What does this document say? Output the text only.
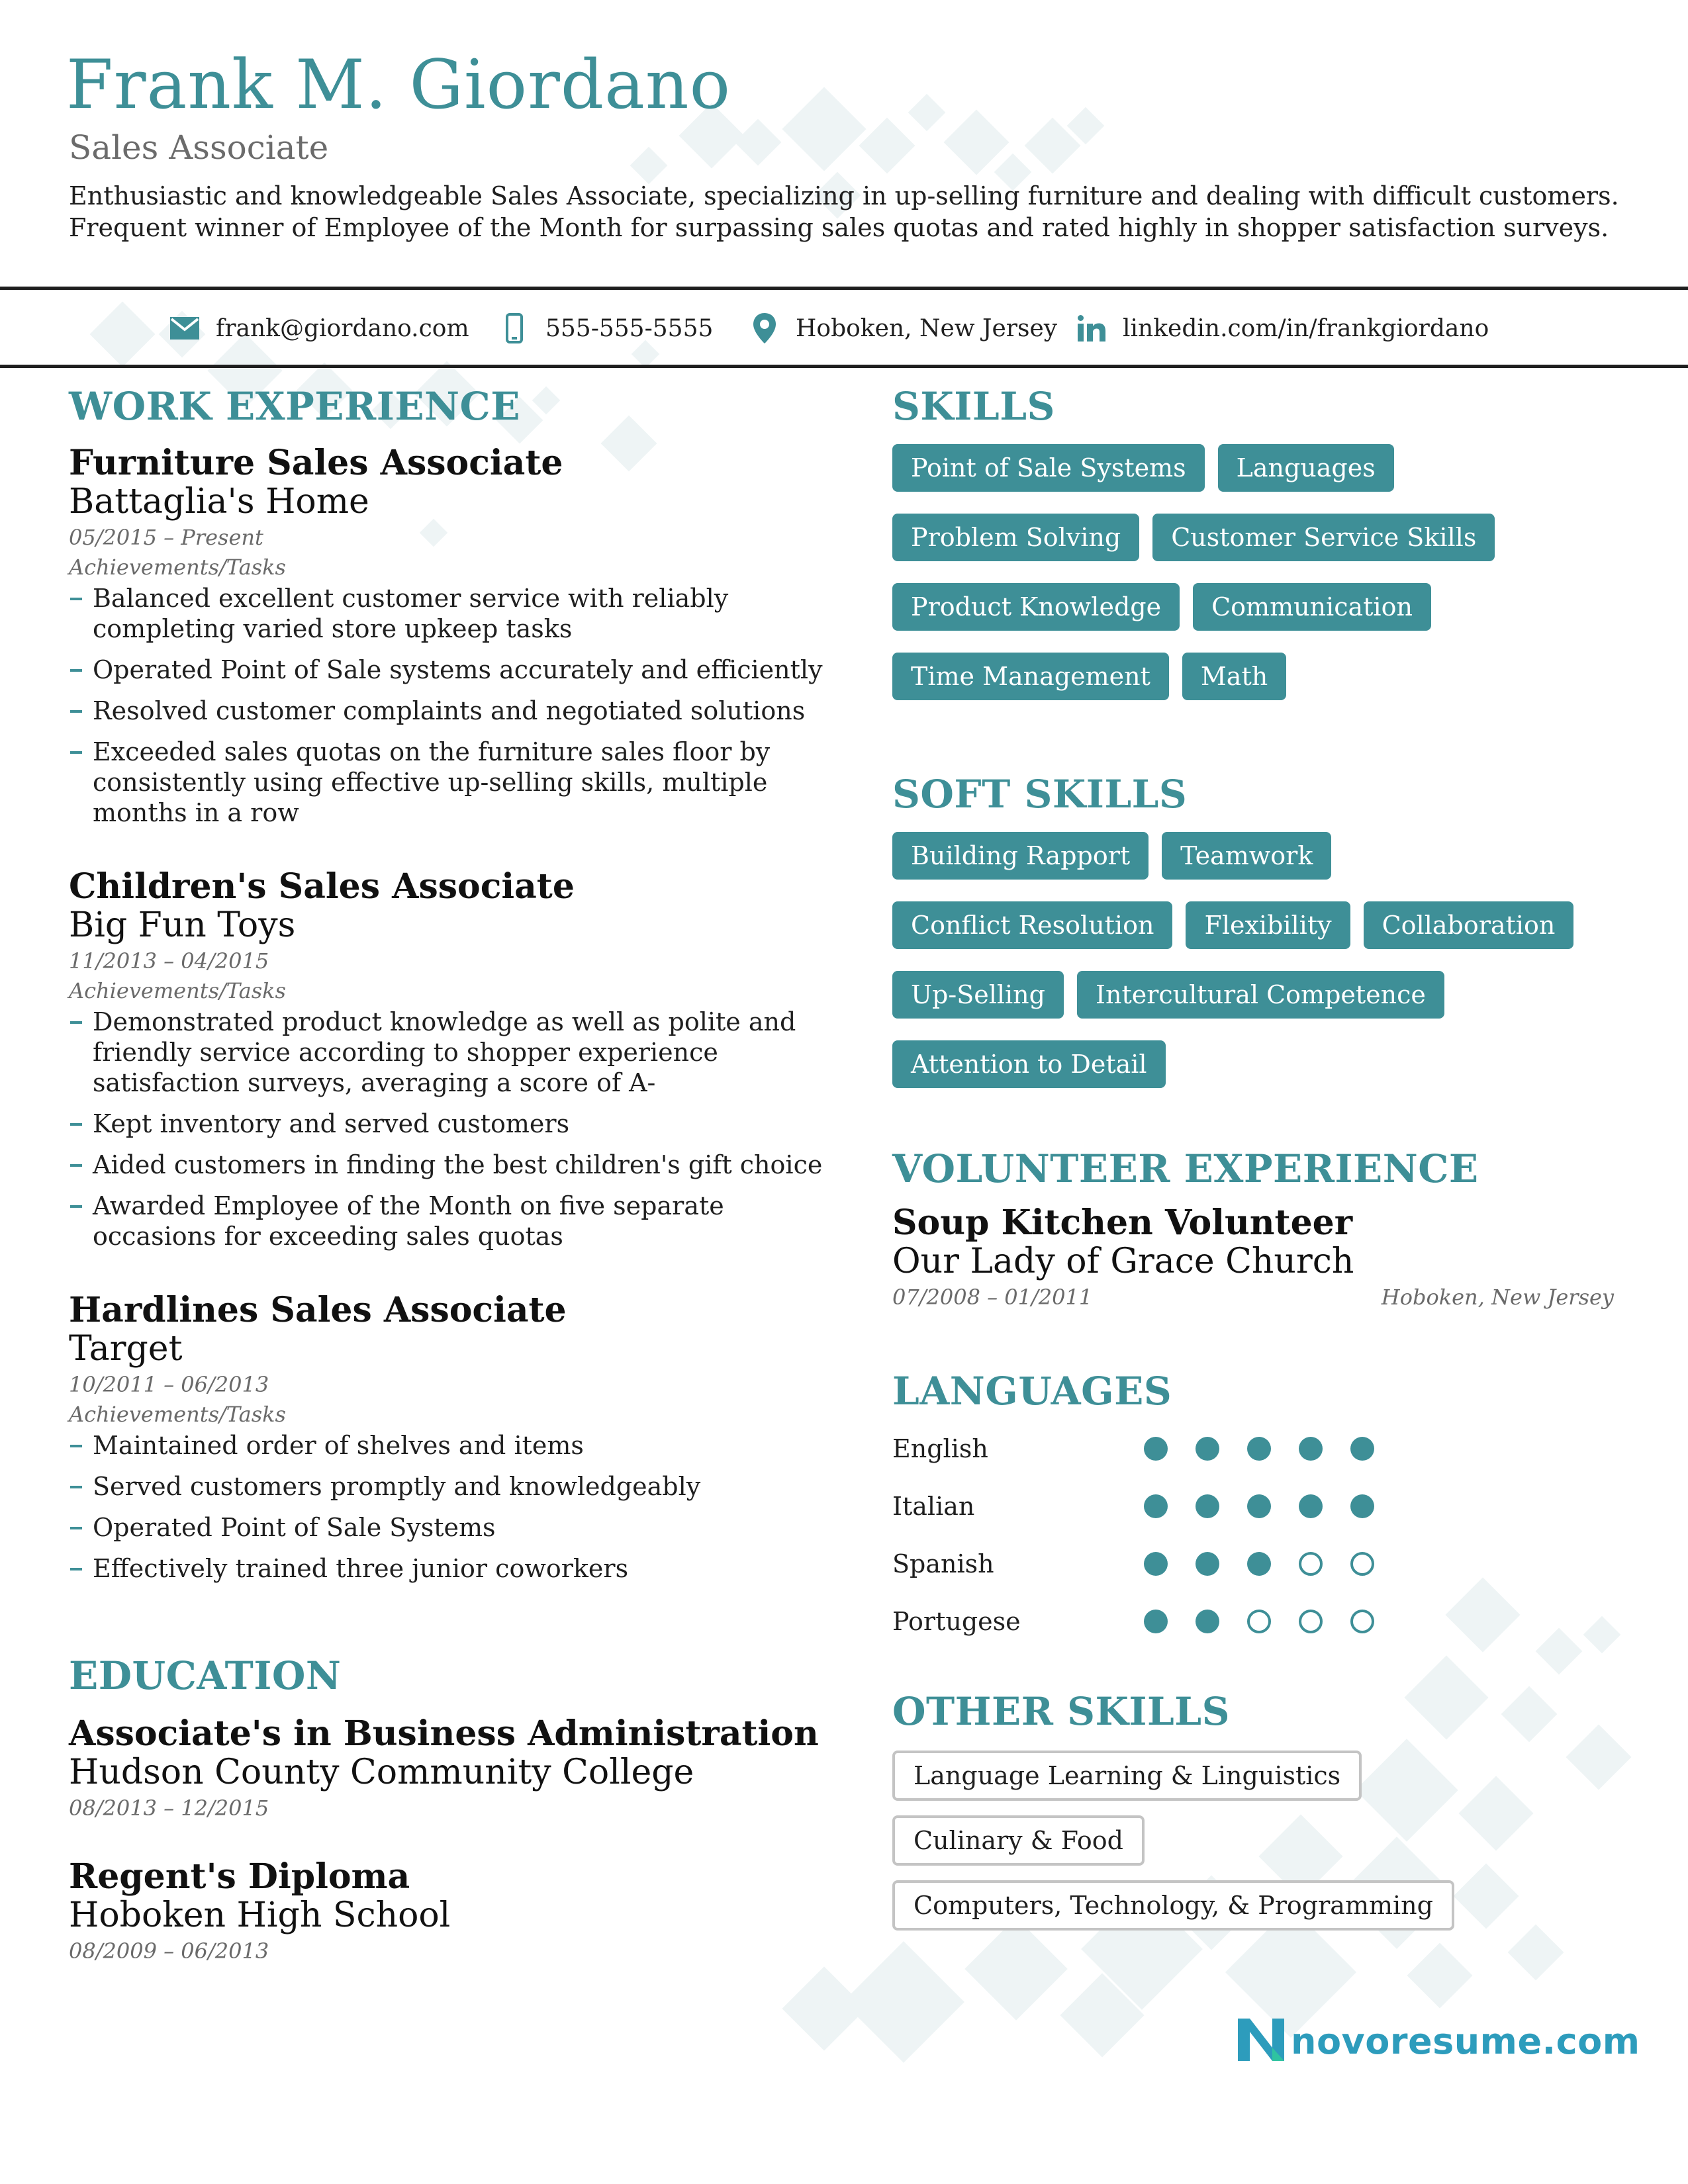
Frank M. Giordano
Sales Associate
Enthusiastic and knowledgeable Sales Associate, specializing in up-selling furniture and dealing with difficult customers.
Frequent winner of Employee of the Month for surpassing sales quotas and rated highly in shopper satisfaction surveys.
frank@giordano.com	555-555-5555	Hoboken, New Jersey	linkedin.com/in/frankgiordano
WORK EXPERIENCE
Furniture Sales Associate
Battaglia's Home
05/2015 – Present
Achievements/Tasks
Balanced excellent customer service with reliably completing varied store upkeep tasks
Operated Point of Sale systems accurately and efficiently
Resolved customer complaints and negotiated solutions
Exceeded sales quotas on the furniture sales floor by consistently using effective up-selling skills, multiple months in a row
Children's Sales Associate
Big Fun Toys
11/2013 – 04/2015
Achievements/Tasks
Demonstrated product knowledge as well as polite and friendly service according to shopper experience satisfaction surveys, averaging a score of A-
Kept inventory and served customers
Aided customers in finding the best children's gift choice
Awarded Employee of the Month on five separate occasions for exceeding sales quotas
Hardlines Sales Associate
Target
10/2011 – 06/2013
Achievements/Tasks
Maintained order of shelves and items
Served customers promptly and knowledgeably
Operated Point of Sale Systems
Effectively trained three junior coworkers
EDUCATION
Associate's in Business Administration
Hudson County Community College
08/2013 – 12/2015
Regent's Diploma
Hoboken High School
08/2009 – 06/2013
SKILLS
Point of Sale Systems	Languages
Problem Solving	Customer Service Skills
Product Knowledge	Communication
Time Management	Math
SOFT SKILLS
Building Rapport	Teamwork
Conflict Resolution	Flexibility	Collaboration
Up-Selling	Intercultural Competence
Attention to Detail
VOLUNTEER EXPERIENCE
Soup Kitchen Volunteer
Our Lady of Grace Church
07/2008 – 01/2011	Hoboken, New Jersey
LANGUAGES
English
Italian
Spanish
Portugese
OTHER SKILLS
Language Learning & Linguistics
Culinary & Food
Computers, Technology, & Programming
novoresume.com
